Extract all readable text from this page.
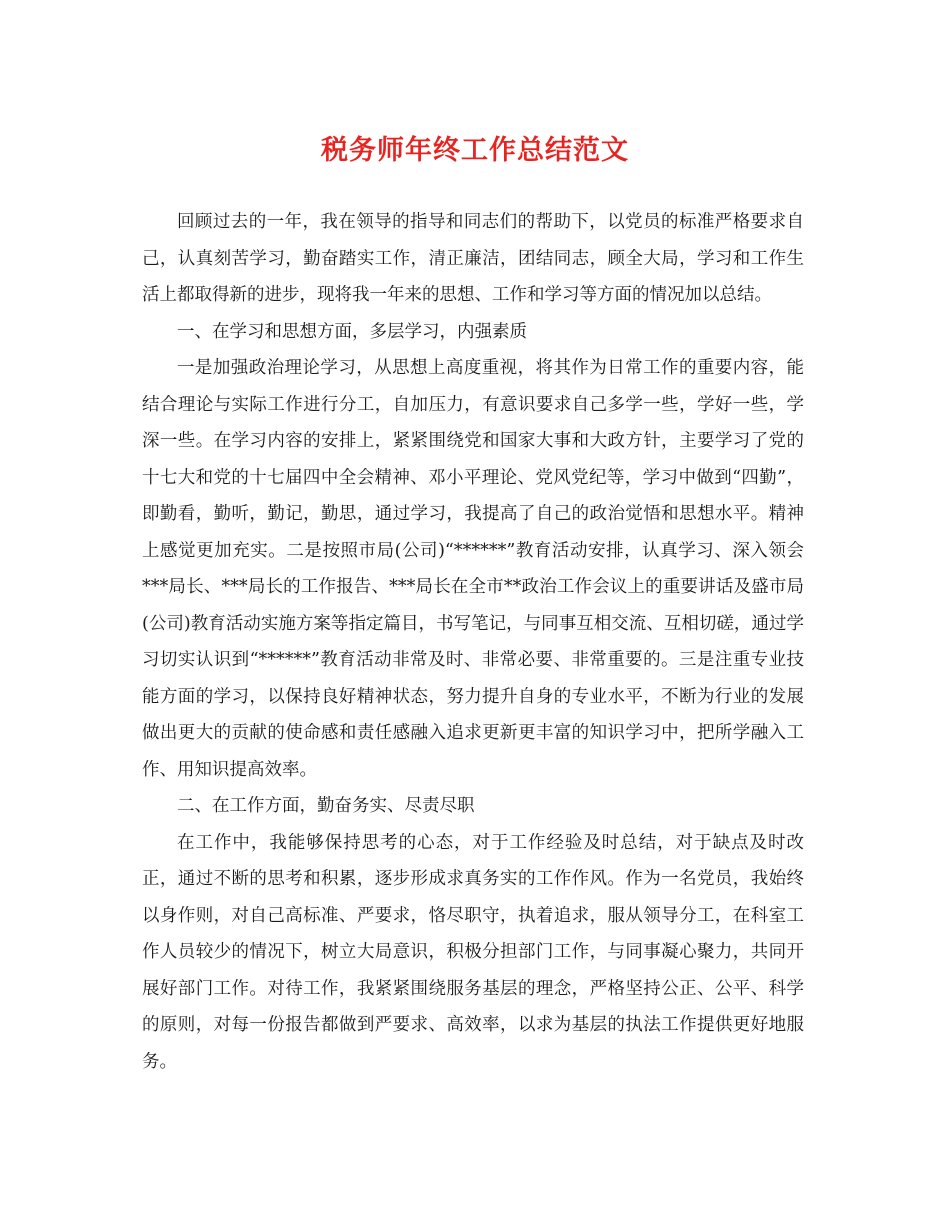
税务师年终工作总结范文

回顾过去的一年，我在领导的指导和同志们的帮助下，以党员的标准严格要求自己，认真刻苦学习，勤奋踏实工作，清正廉洁，团结同志，顾全大局，学习和工作生活上都取得新的进步，现将我一年来的思想、工作和学习等方面的情况加以总结。

一、在学习和思想方面，多层学习，内强素质

一是加强政治理论学习，从思想上高度重视，将其作为日常工作的重要内容，能结合理论与实际工作进行分工，自加压力，有意识要求自己多学一些，学好一些，学深一些。在学习内容的安排上，紧紧围绕党和国家大事和大政方针，主要学习了党的十七大和党的十七届四中全会精神、邓小平理论、党风党纪等，学习中做到“四勤”，即勤看，勤听，勤记，勤思，通过学习，我提高了自己的政治觉悟和思想水平。精神上感觉更加充实。二是按照市局(公司)“******”教育活动安排，认真学习、深入领会***局长、***局长的工作报告、***局长在全市**政治工作会议上的重要讲话及盛市局(公司)教育活动实施方案等指定篇目，书写笔记，与同事互相交流、互相切磋，通过学习切实认识到“******”教育活动非常及时、非常必要、非常重要的。三是注重专业技能方面的学习，以保持良好精神状态，努力提升自身的专业水平，不断为行业的发展做出更大的贡献的使命感和责任感融入追求更新更丰富的知识学习中，把所学融入工作、用知识提高效率。

二、在工作方面，勤奋务实、尽责尽职

在工作中，我能够保持思考的心态，对于工作经验及时总结，对于缺点及时改正，通过不断的思考和积累，逐步形成求真务实的工作作风。作为一名党员，我始终以身作则，对自己高标准、严要求，恪尽职守，执着追求，服从领导分工，在科室工作人员较少的情况下，树立大局意识，积极分担部门工作，与同事凝心聚力，共同开展好部门工作。对待工作，我紧紧围绕服务基层的理念，严格坚持公正、公平、科学的原则，对每一份报告都做到严要求、高效率，以求为基层的执法工作提供更好地服务。
